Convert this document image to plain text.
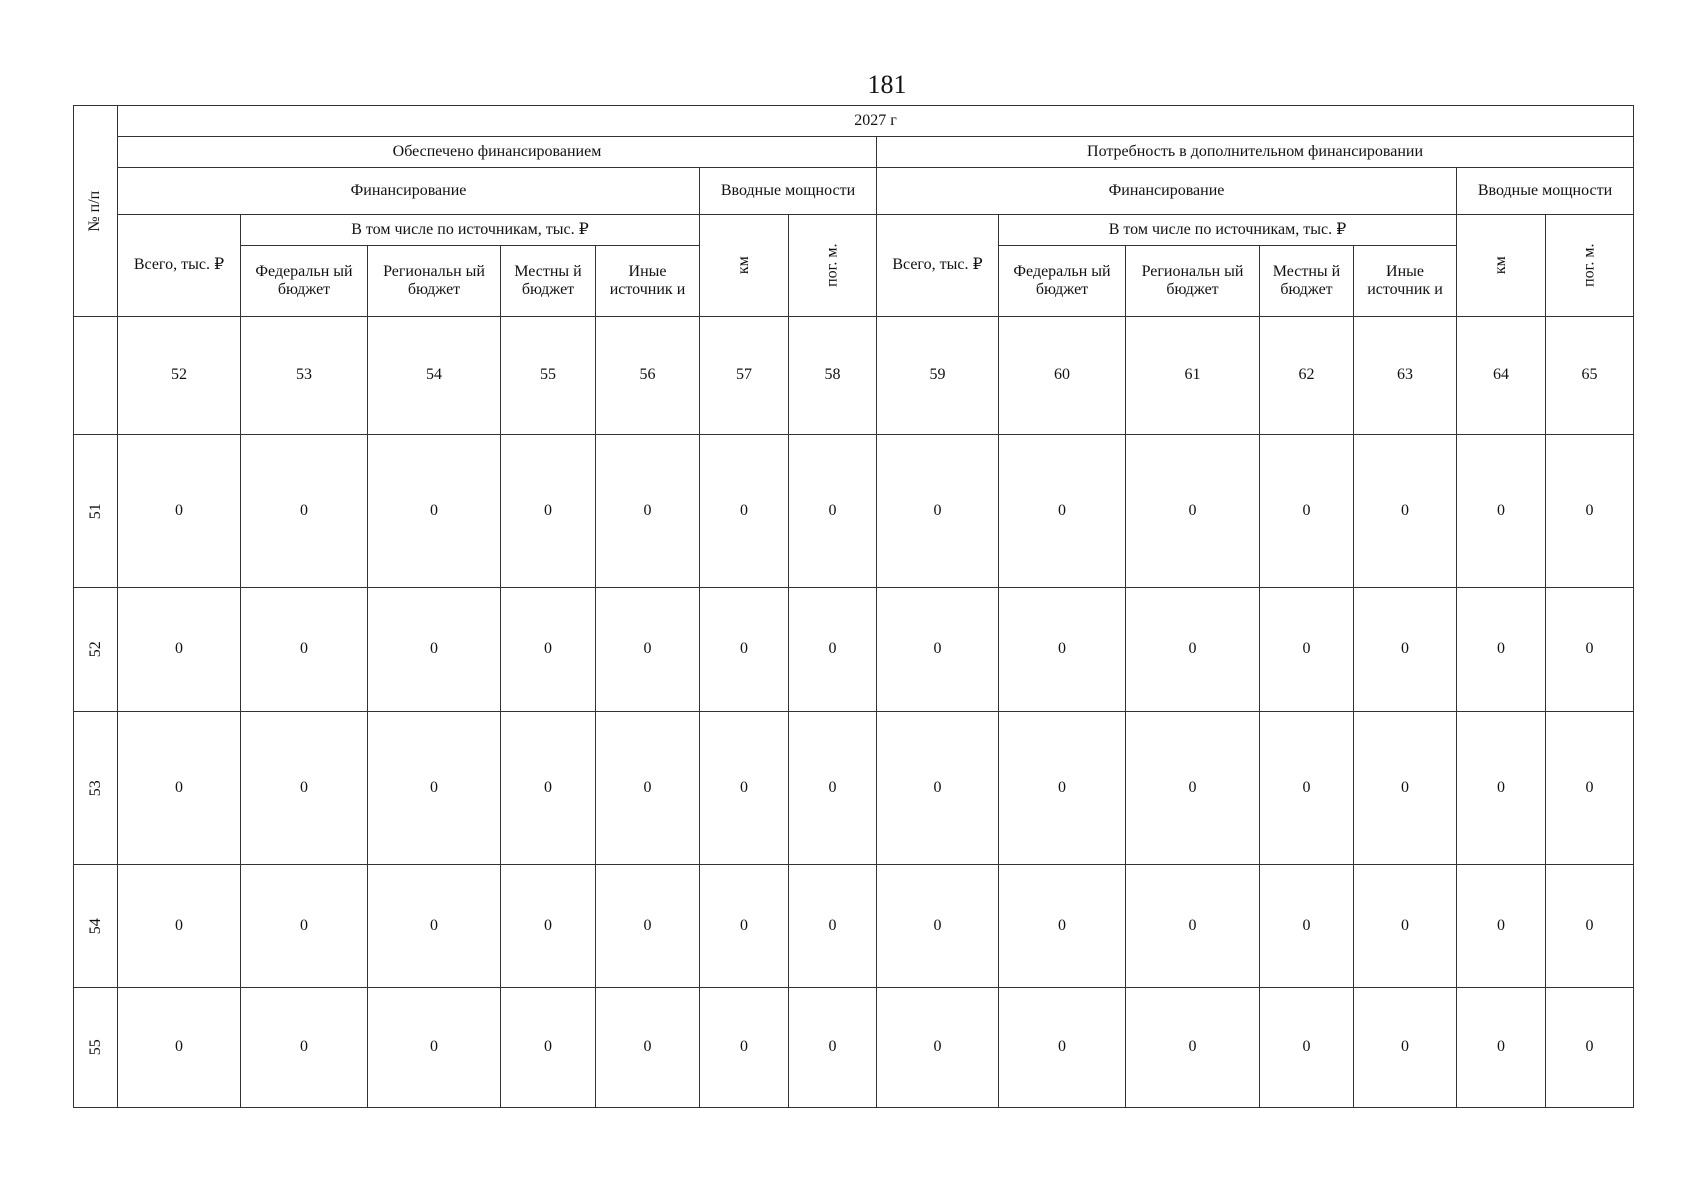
181
№ п/п	2027 г													
	Обеспечено финансированием							Потребность в дополнительном финансировании						
	Финансирование					Вводные мощности		Финансирование					Вводные мощности	
	Всего, тыс. ₽	В том числе по источникам, тыс. ₽				км	пог. м.	Всего, тыс. ₽	В том числе по источникам, тыс. ₽				км	пог. м.
		Федеральн ый бюджет	Региональн ый бюджет	Местны й бюджет	Иные источник и				Федеральн ый бюджет	Региональн ый бюджет	Местны й бюджет	Иные источник и		
	52	53	54	55	56	57	58	59	60	61	62	63	64	65
51	0	0	0	0	0	0	0	0	0	0	0	0	0	0
52	0	0	0	0	0	0	0	0	0	0	0	0	0	0
53	0	0	0	0	0	0	0	0	0	0	0	0	0	0
54	0	0	0	0	0	0	0	0	0	0	0	0	0	0
55	0	0	0	0	0	0	0	0	0	0	0	0	0	0
